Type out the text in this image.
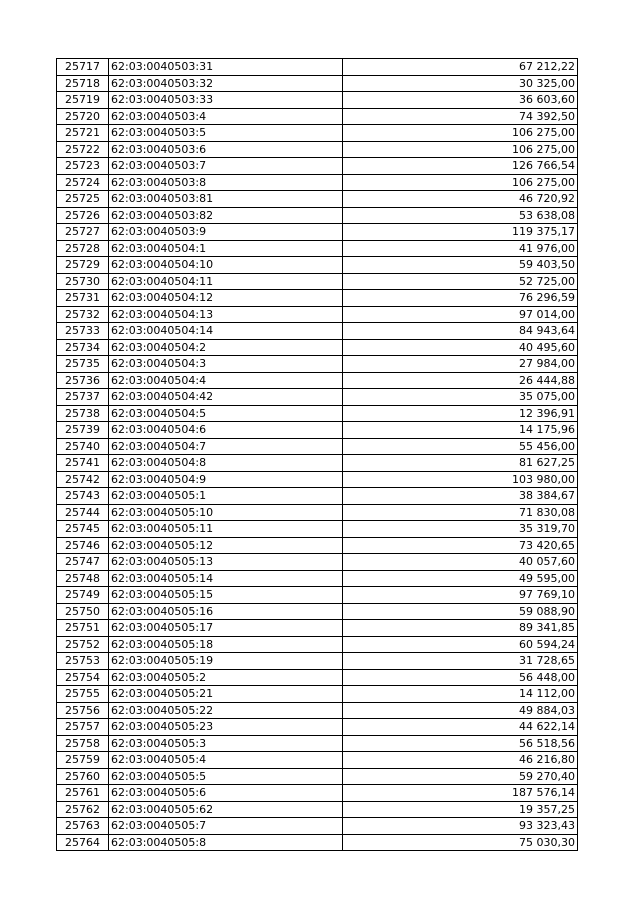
25717	62:03:0040503:31	67 212,22
25718	62:03:0040503:32	30 325,00
25719	62:03:0040503:33	36 603,60
25720	62:03:0040503:4	74 392,50
25721	62:03:0040503:5	106 275,00
25722	62:03:0040503:6	106 275,00
25723	62:03:0040503:7	126 766,54
25724	62:03:0040503:8	106 275,00
25725	62:03:0040503:81	46 720,92
25726	62:03:0040503:82	53 638,08
25727	62:03:0040503:9	119 375,17
25728	62:03:0040504:1	41 976,00
25729	62:03:0040504:10	59 403,50
25730	62:03:0040504:11	52 725,00
25731	62:03:0040504:12	76 296,59
25732	62:03:0040504:13	97 014,00
25733	62:03:0040504:14	84 943,64
25734	62:03:0040504:2	40 495,60
25735	62:03:0040504:3	27 984,00
25736	62:03:0040504:4	26 444,88
25737	62:03:0040504:42	35 075,00
25738	62:03:0040504:5	12 396,91
25739	62:03:0040504:6	14 175,96
25740	62:03:0040504:7	55 456,00
25741	62:03:0040504:8	81 627,25
25742	62:03:0040504:9	103 980,00
25743	62:03:0040505:1	38 384,67
25744	62:03:0040505:10	71 830,08
25745	62:03:0040505:11	35 319,70
25746	62:03:0040505:12	73 420,65
25747	62:03:0040505:13	40 057,60
25748	62:03:0040505:14	49 595,00
25749	62:03:0040505:15	97 769,10
25750	62:03:0040505:16	59 088,90
25751	62:03:0040505:17	89 341,85
25752	62:03:0040505:18	60 594,24
25753	62:03:0040505:19	31 728,65
25754	62:03:0040505:2	56 448,00
25755	62:03:0040505:21	14 112,00
25756	62:03:0040505:22	49 884,03
25757	62:03:0040505:23	44 622,14
25758	62:03:0040505:3	56 518,56
25759	62:03:0040505:4	46 216,80
25760	62:03:0040505:5	59 270,40
25761	62:03:0040505:6	187 576,14
25762	62:03:0040505:62	19 357,25
25763	62:03:0040505:7	93 323,43
25764	62:03:0040505:8	75 030,30
